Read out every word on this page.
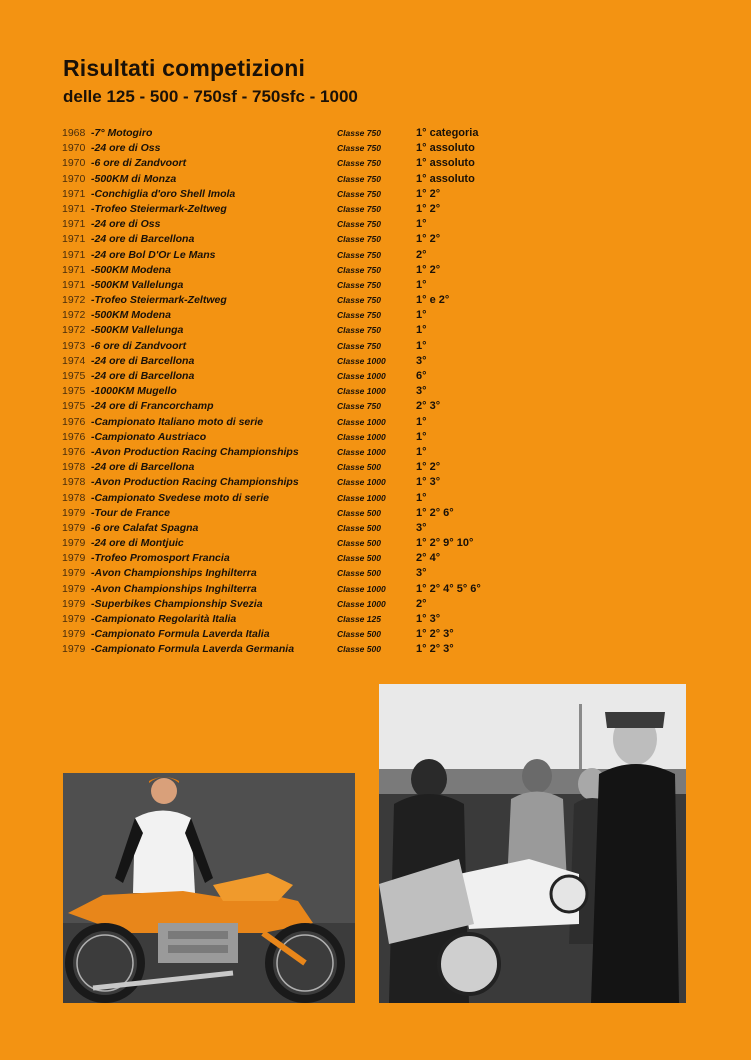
Risultati competizioni
delle 125 - 500 - 750sf - 750sfc - 1000
1968 -7° Motogiro	Classe 750	1° categoria
1970 -24 ore di Oss	Classe 750	1° assoluto
1970 -6 ore di Zandvoort	Classe 750	1° assoluto
1970 -500KM di Monza	Classe 750	1° assoluto
1971 -Conchiglia d'oro Shell Imola	Classe 750	1° 2°
1971 -Trofeo Steiermark-Zeltweg	Classe 750	1° 2°
1971 -24 ore di Oss	Classe 750	1°
1971 -24 ore di Barcellona	Classe 750	1° 2°
1971 -24 ore Bol D'Or Le Mans	Classe 750	2°
1971 -500KM Modena	Classe 750	1° 2°
1971 -500KM Vallelunga	Classe 750	1°
1972 -Trofeo Steiermark-Zeltweg	Classe 750	1° e 2°
1972 -500KM Modena	Classe 750	1°
1972 -500KM Vallelunga	Classe 750	1°
1973 -6 ore di Zandvoort	Classe 750	1°
1974 -24 ore di Barcellona	Classe 1000	3°
1975 -24 ore di Barcellona	Classe 1000	6°
1975 -1000KM Mugello	Classe 1000	3°
1975 -24 ore di Francorchamp	Classe 750	2° 3°
1976 -Campionato Italiano moto di serie	Classe 1000	1°
1976 -Campionato Austriaco	Classe 1000	1°
1976 -Avon Production Racing Championships	Classe 1000	1°
1978 -24 ore di Barcellona	Classe 500	1° 2°
1978 -Avon Production Racing Championships	Classe 1000	1° 3°
1978 -Campionato Svedese moto di serie	Classe 1000	1°
1979 -Tour de France	Classe 500	1° 2° 6°
1979 -6 ore Calafat Spagna	Classe 500	3°
1979 -24 ore di Montjuic	Classe 500	1° 2° 9° 10°
1979 -Trofeo Promosport Francia	Classe 500	2° 4°
1979 -Avon Championships Inghilterra	Classe 500	3°
1979 -Avon Championships Inghilterra	Classe 1000	1° 2° 4° 5° 6°
1979 -Superbikes Championship Svezia	Classe 1000	2°
1979 -Campionato Regolarità Italia	Classe 125	1° 3°
1979 -Campionato Formula Laverda Italia	Classe 500	1° 2° 3°
1979 -Campionato Formula Laverda Germania	Classe 500	1° 2° 3°
